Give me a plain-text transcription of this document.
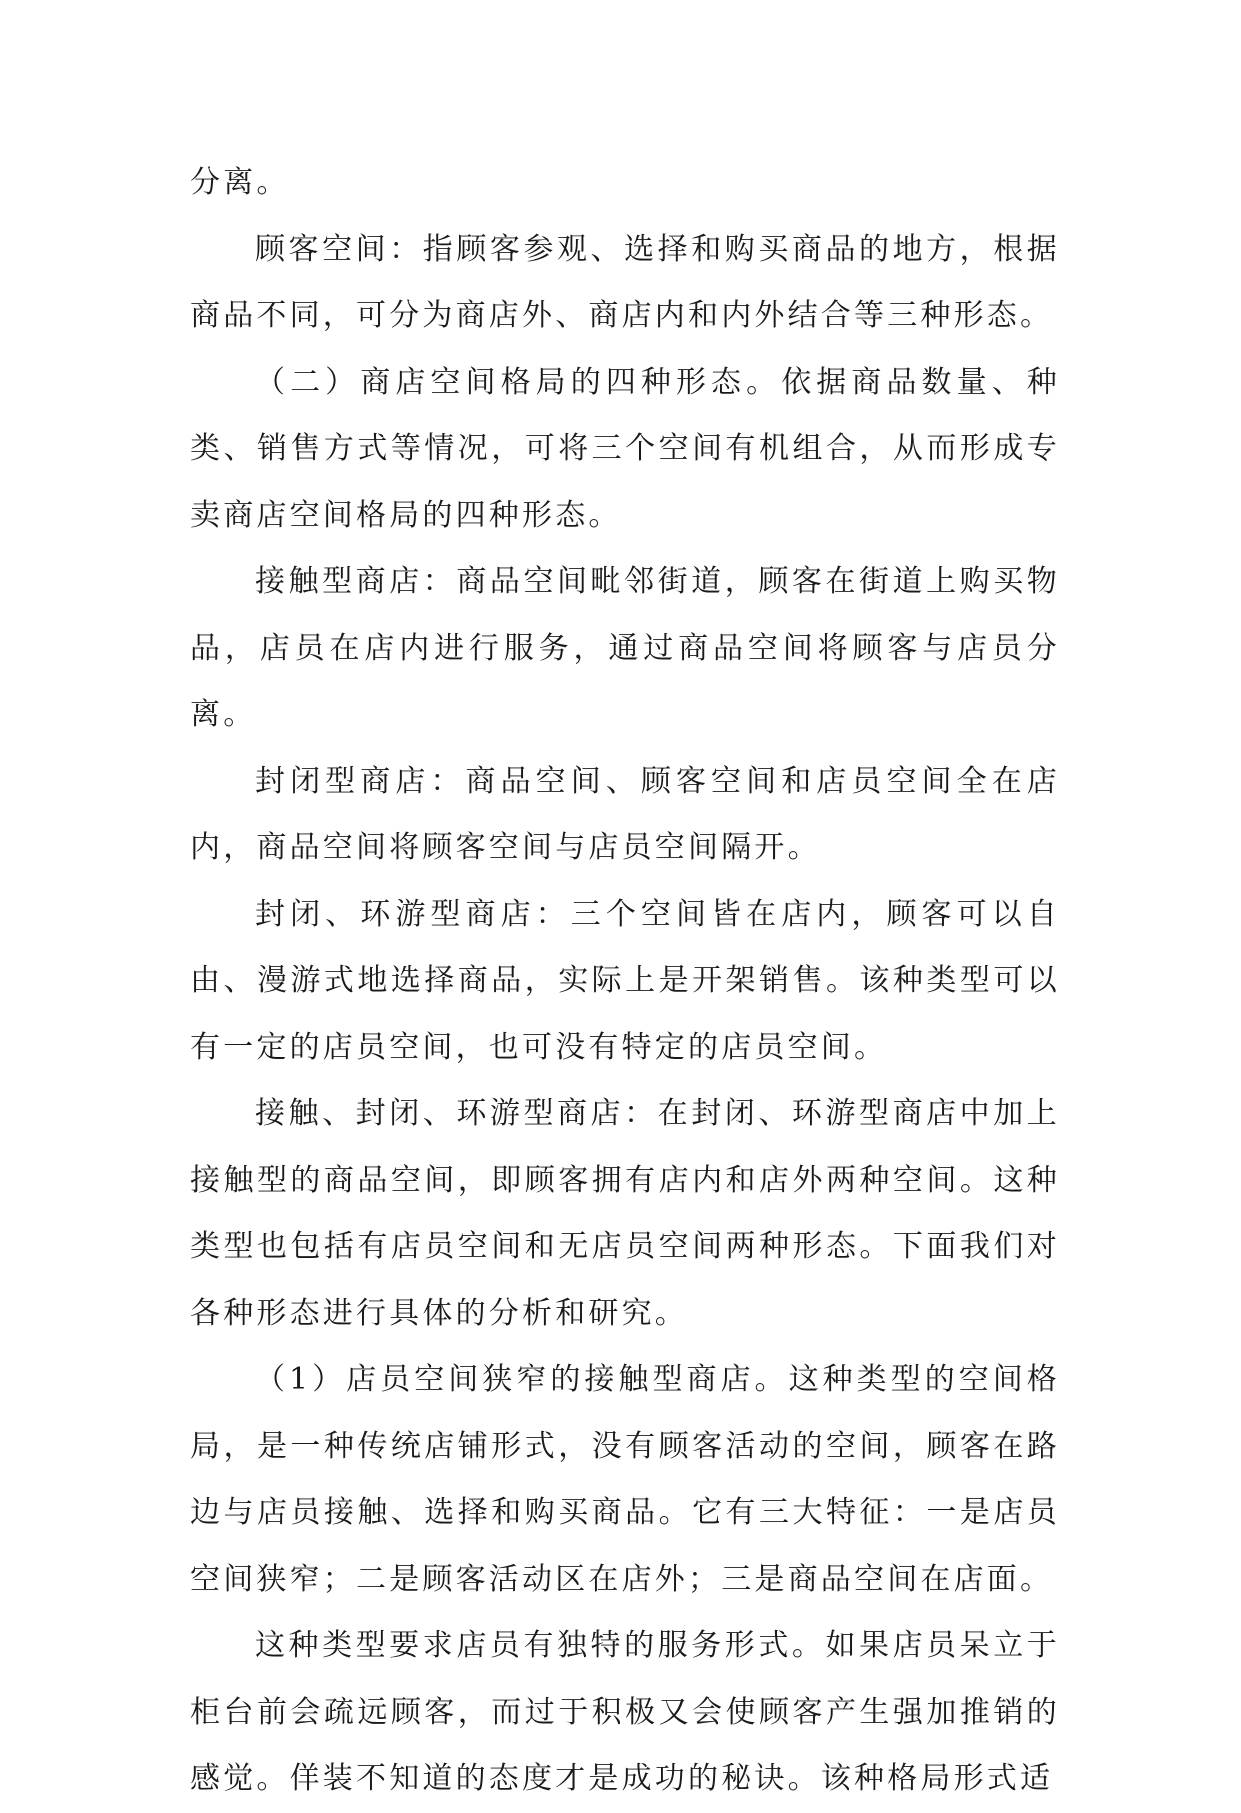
分离。

顾客空间：指顾客参观、选择和购买商品的地方，根据商品不同，可分为商店外、商店内和内外结合等三种形态。

（二）商店空间格局的四种形态。依据商品数量、种类、销售方式等情况，可将三个空间有机组合，从而形成专卖商店空间格局的四种形态。

接触型商店：商品空间毗邻街道，顾客在街道上购买物品，店员在店内进行服务，通过商品空间将顾客与店员分离。

封闭型商店：商品空间、顾客空间和店员空间全在店内，商品空间将顾客空间与店员空间隔开。

封闭、环游型商店：三个空间皆在店内，顾客可以自由、漫游式地选择商品，实际上是开架销售。该种类型可以有一定的店员空间，也可没有特定的店员空间。

接触、封闭、环游型商店：在封闭、环游型商店中加上接触型的商品空间，即顾客拥有店内和店外两种空间。这种类型也包括有店员空间和无店员空间两种形态。下面我们对各种形态进行具体的分析和研究。

（1）店员空间狭窄的接触型商店。这种类型的空间格局，是一种传统店铺形式，没有顾客活动的空间，顾客在路边与店员接触、选择和购买商品。它有三大特征：一是店员空间狭窄；二是顾客活动区在店外；三是商品空间在店面。

这种类型要求店员有独特的服务形式。如果店员呆立于柜台前会疏远顾客，而过于积极又会使顾客产生强加推销的感觉。佯装不知道的态度才是成功的秘诀。该种格局形式适
